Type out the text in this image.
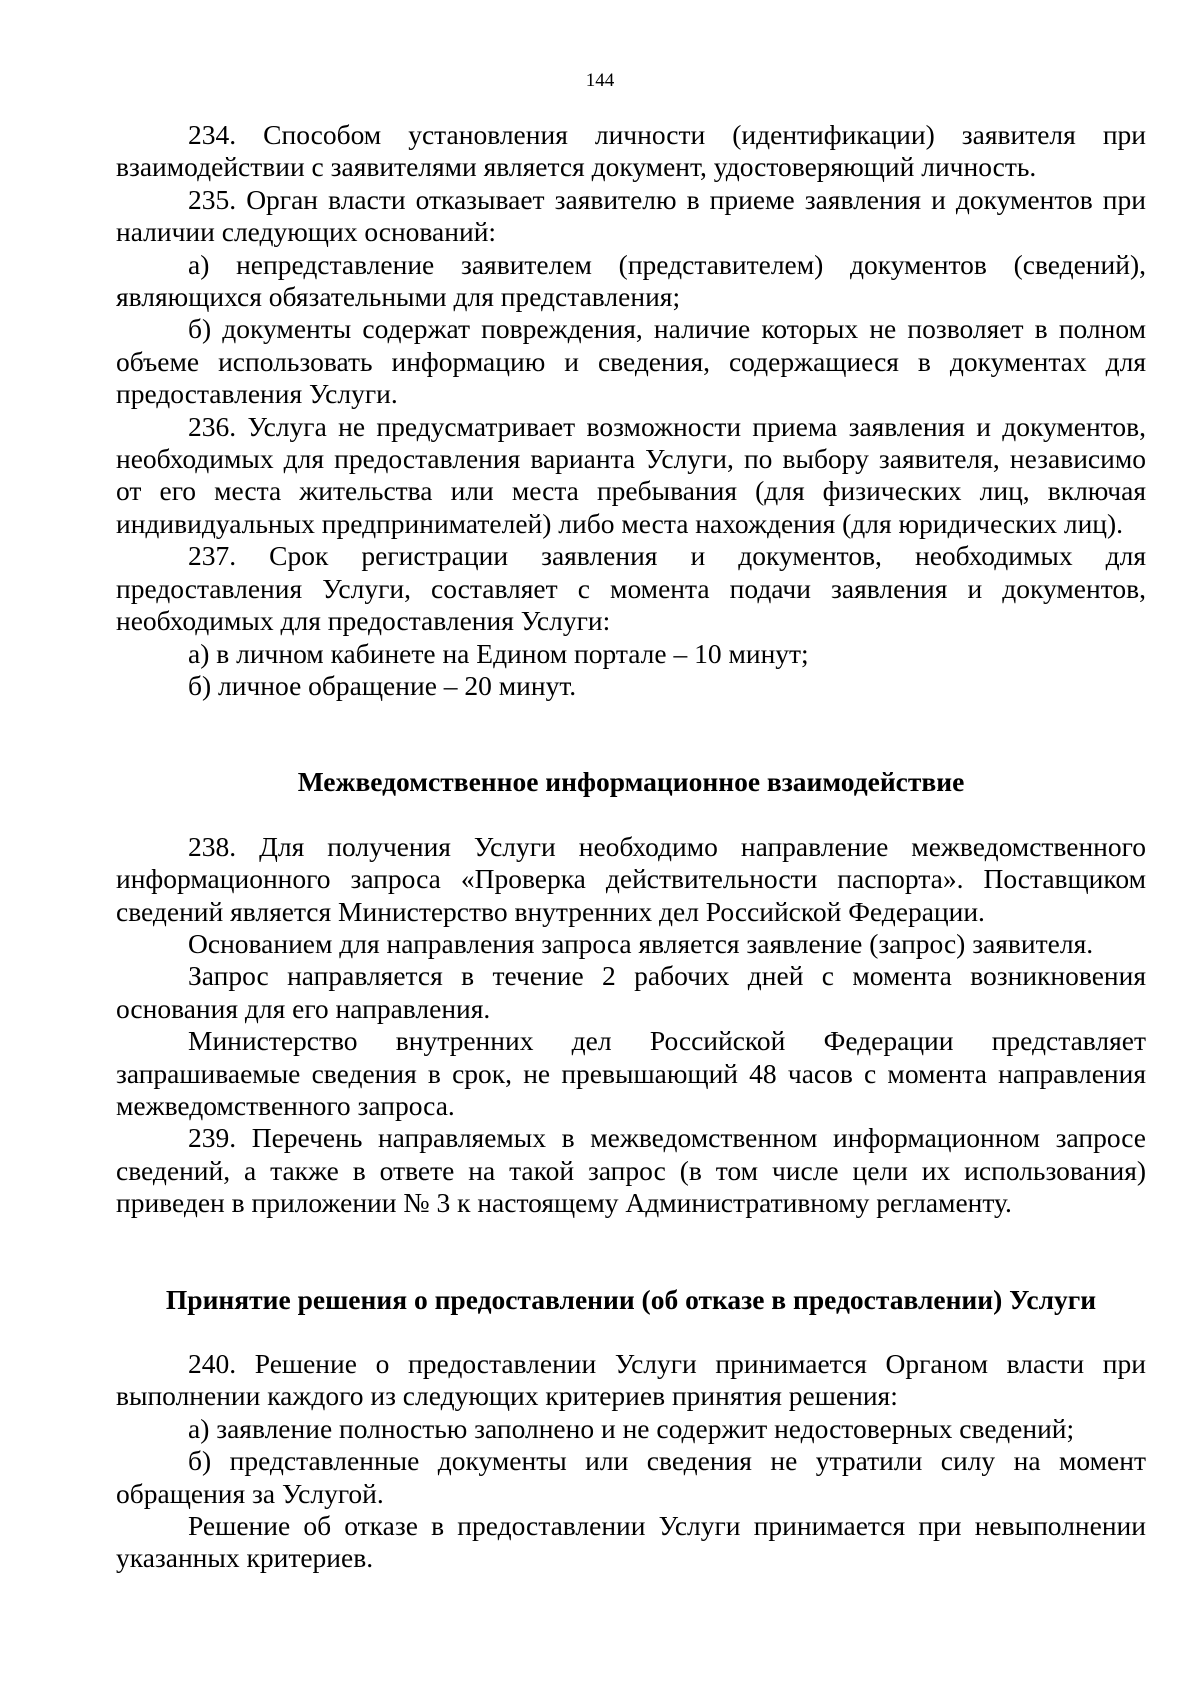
144

234. Способом установления личности (идентификации) заявителя при взаимодействии с заявителями является документ, удостоверяющий личность.

235. Орган власти отказывает заявителю в приеме заявления и документов при наличии следующих оснований:

а) непредставление заявителем (представителем) документов (сведений), являющихся обязательными для представления;

б) документы содержат повреждения, наличие которых не позволяет в полном объеме использовать информацию и сведения, содержащиеся в документах для предоставления Услуги.

236. Услуга не предусматривает возможности приема заявления и документов, необходимых для предоставления варианта Услуги, по выбору заявителя, независимо от его места жительства или места пребывания (для физических лиц, включая индивидуальных предпринимателей) либо места нахождения (для юридических лиц).

237. Срок регистрации заявления и документов, необходимых для предоставления Услуги, составляет с момента подачи заявления и документов, необходимых для предоставления Услуги:

а) в личном кабинете на Едином портале – 10 минут;

б) личное обращение – 20 минут.

Межведомственное информационное взаимодействие

238. Для получения Услуги необходимо направление межведомственного информационного запроса «Проверка действительности паспорта». Поставщиком сведений является Министерство внутренних дел Российской Федерации.

Основанием для направления запроса является заявление (запрос) заявителя.

Запрос направляется в течение 2 рабочих дней с момента возникновения основания для его направления.

Министерство внутренних дел Российской Федерации представляет запрашиваемые сведения в срок, не превышающий 48 часов с момента направления межведомственного запроса.

239. Перечень направляемых в межведомственном информационном запросе сведений, а также в ответе на такой запрос (в том числе цели их использования) приведен в приложении № 3 к настоящему Административному регламенту.

Принятие решения о предоставлении (об отказе в предоставлении) Услуги

240. Решение о предоставлении Услуги принимается Органом власти при выполнении каждого из следующих критериев принятия решения:

а) заявление полностью заполнено и не содержит недостоверных сведений;

б) представленные документы или сведения не утратили силу на момент обращения за Услугой.

Решение об отказе в предоставлении Услуги принимается при невыполнении указанных критериев.
